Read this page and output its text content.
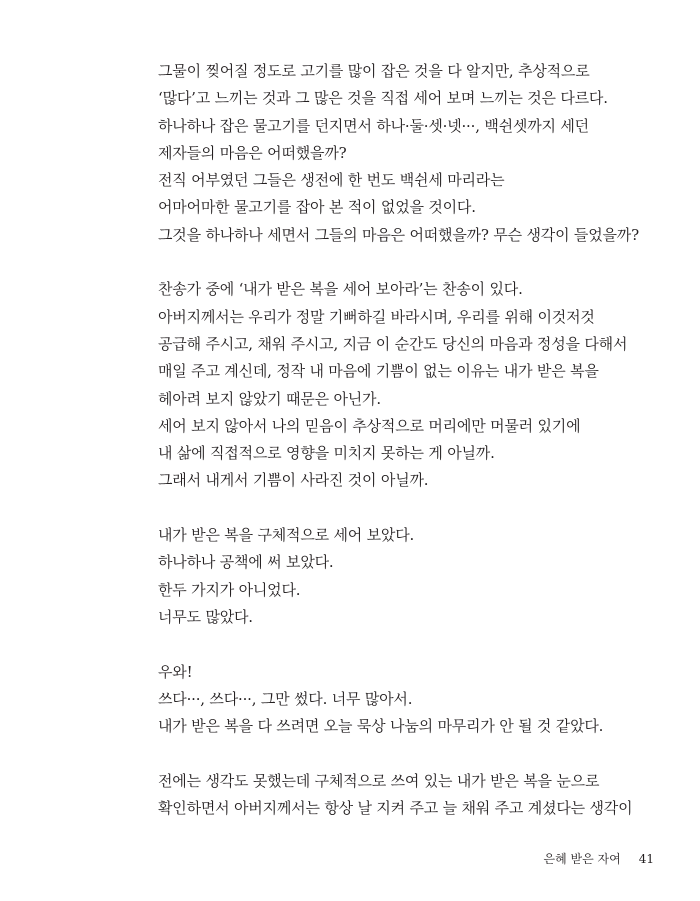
그물이 찢어질 정도로 고기를 많이 잡은 것을 다 알지만, 추상적으로
‘많다’고 느끼는 것과 그 많은 것을 직접 세어 보며 느끼는 것은 다르다.
하나하나 잡은 물고기를 던지면서 하나·둘·셋·넷···, 백쉰셋까지 세던
제자들의 마음은 어떠했을까?
전직 어부였던 그들은 생전에 한 번도 백쉰세 마리라는
어마어마한 물고기를 잡아 본 적이 없었을 것이다.
그것을 하나하나 세면서 그들의 마음은 어떠했을까? 무슨 생각이 들었을까?
찬송가 중에 ‘내가 받은 복을 세어 보아라’는 찬송이 있다.
아버지께서는 우리가 정말 기뻐하길 바라시며, 우리를 위해 이것저것
공급해 주시고, 채워 주시고, 지금 이 순간도 당신의 마음과 정성을 다해서
매일 주고 계신데, 정작 내 마음에 기쁨이 없는 이유는 내가 받은 복을
헤아려 보지 않았기 때문은 아닌가.
세어 보지 않아서 나의 믿음이 추상적으로 머리에만 머물러 있기에
내 삶에 직접적으로 영향을 미치지 못하는 게 아닐까.
그래서 내게서 기쁨이 사라진 것이 아닐까.
내가 받은 복을 구체적으로 세어 보았다.
하나하나 공책에 써 보았다.
한두 가지가 아니었다.
너무도 많았다.
우와!
쓰다···, 쓰다···, 그만 썼다. 너무 많아서.
내가 받은 복을 다 쓰려면 오늘 묵상 나눔의 마무리가 안 될 것 같았다.
전에는 생각도 못했는데 구체적으로 쓰여 있는 내가 받은 복을 눈으로
확인하면서 아버지께서는 항상 날 지켜 주고 늘 채워 주고 계셨다는 생각이
은혜 받은 자여 41
